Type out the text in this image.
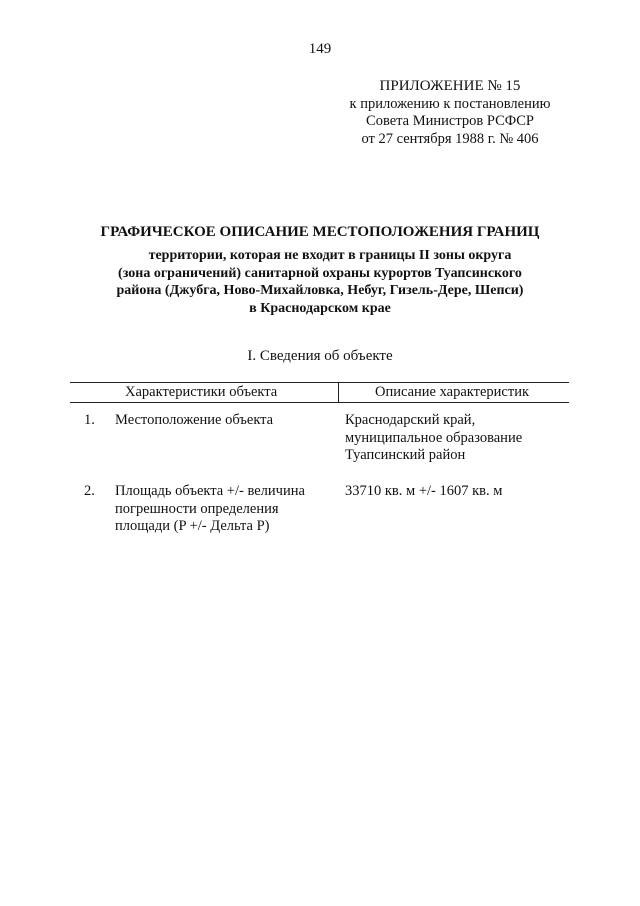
149
ПРИЛОЖЕНИЕ № 15
к приложению к постановлению
Совета Министров РСФСР
от 27 сентября 1988 г. № 406
ГРАФИЧЕСКОЕ ОПИСАНИЕ МЕСТОПОЛОЖЕНИЯ ГРАНИЦ
территории, которая не входит в границы II зоны округа
(зона ограничений) санитарной охраны курортов Туапсинского
района (Джубга, Ново-Михайловка, Небуг, Гизель-Дере, Шепси)
в Краснодарском крае
I. Сведения об объекте
Характеристики объекта	Описание характеристик
1. Местоположение объекта	Краснодарский край,
муниципальное образование
Туапсинский район
2. Площадь объекта +/- величина
погрешности определения
площади (P +/- Дельта P)
33710 кв. м +/- 1607 кв. м
